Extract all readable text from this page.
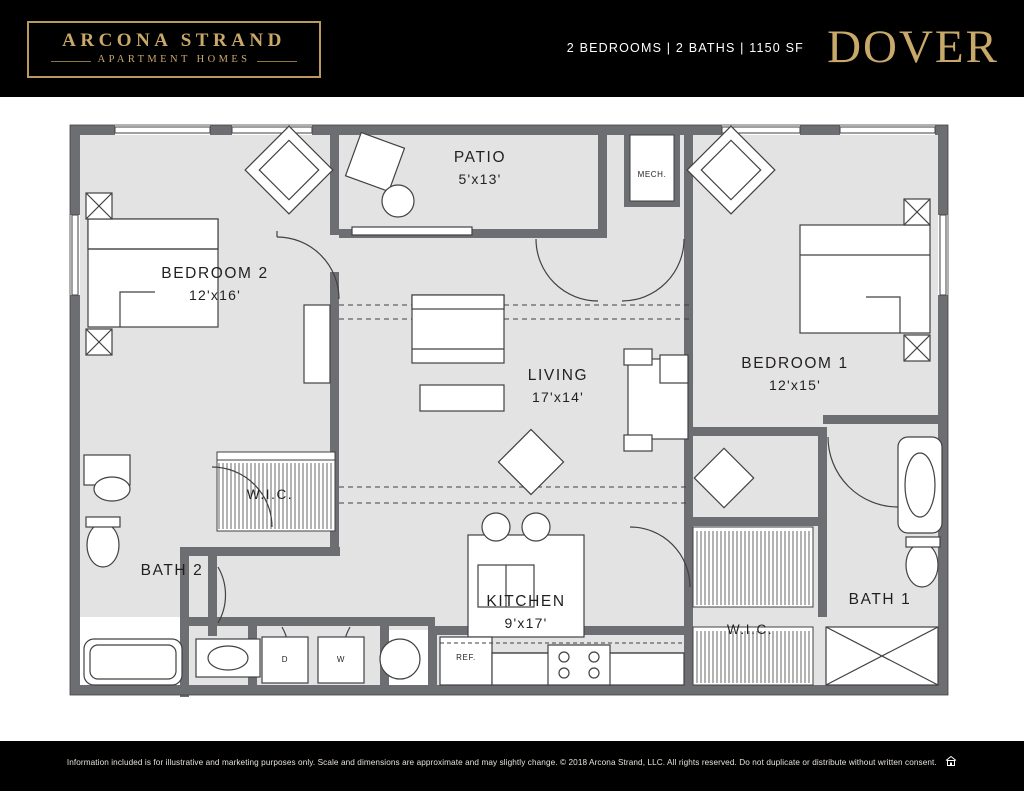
ARCONA STRAND
APARTMENT HOMES
2 BEDROOMS | 2 BATHS | 1150 SF DOVER
BEDROOM 2
12'x16'
PATIO
5'x13'
BEDROOM 1
12'x15'
LIVING
17'x14'
KITCHEN
9'x17'
BATH 2
BATH 1
W.I.C.
W.I.C.
MECH.
D	W	REF.
Information included is for illustrative and marketing purposes only. Scale and dimensions are approximate and may slightly change. © 2018 Arcona Strand, LLC. All rights reserved. Do not duplicate or distribute without written consent.
